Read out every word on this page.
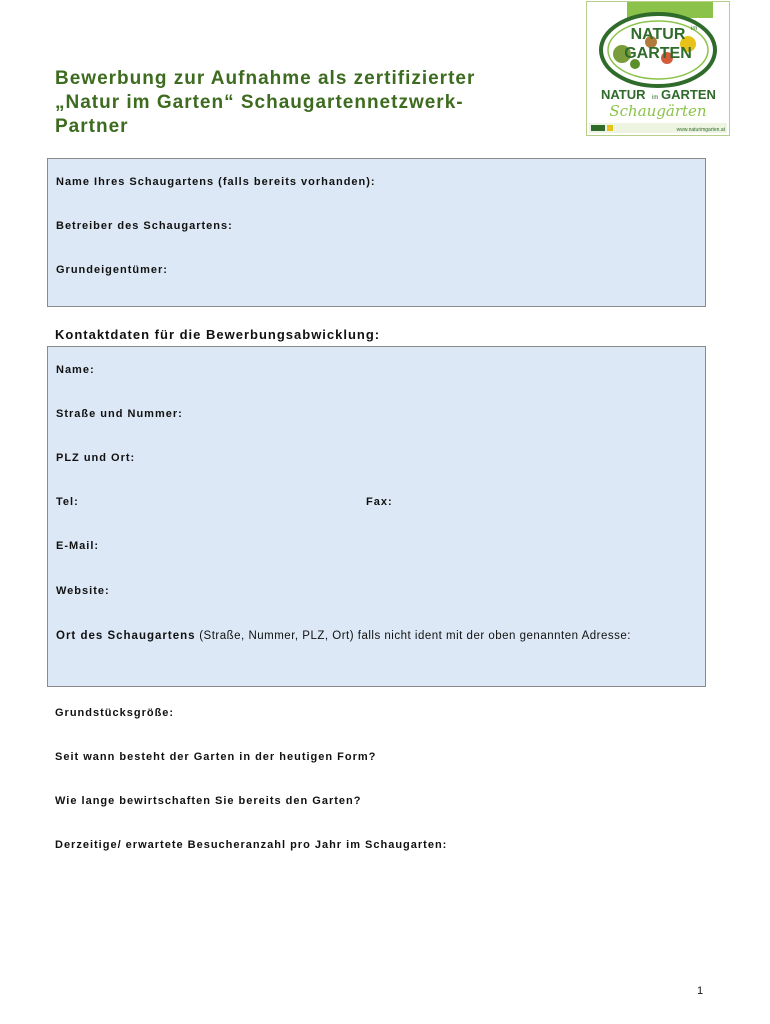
Bewerbung zur Aufnahme als zertifizierter
„Natur im Garten“ Schaugartennetzwerk-
Partner
NATUR im
GARTEN
NATUR im GARTEN
Schaugärten
www.naturimgarten.at
Name Ihres Schaugartens (falls bereits vorhanden):
Betreiber des Schaugartens:
Grundeigentümer:
Kontaktdaten für die Bewerbungsabwicklung:
Name:
Straße und Nummer:
PLZ und Ort:
Tel:	Fax:
E-Mail:
Website:
Ort des Schaugartens (Straße, Nummer, PLZ, Ort) falls nicht ident mit der oben genannten Adresse:
Grundstücksgröße:
Seit wann besteht der Garten in der heutigen Form?
Wie lange bewirtschaften Sie bereits den Garten?
Derzeitige/ erwartete Besucheranzahl pro Jahr im Schaugarten:
1
